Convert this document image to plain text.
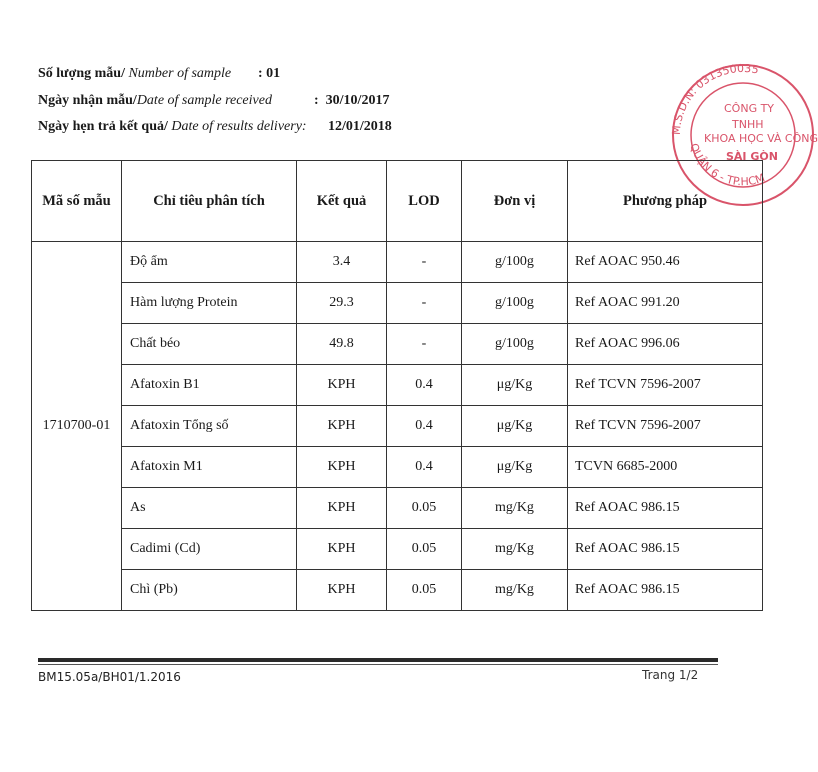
Số lượng mẫu/ Number of sample : 01
Ngày nhận mẫu/Date of sample received	: 30/10/2017
Ngày hẹn trả kết quả/ Date of results delivery: 12/01/2018	M.S.D.N: 031350035
QUẬN 6 - TP.HCM
CÔNG TY
TNHH
KHOA HỌC VÀ CÔNG
SÀI GÒN
Mã số mẫu	Chỉ tiêu phân tích	Kết quả	LOD	Đơn vị	Phương pháp
1710700-01	Độ ẩm	3.4	-	g/100g	Ref AOAC 950.46
	Hàm lượng Protein	29.3	-	g/100g	Ref AOAC 991.20
	Chất béo	49.8	-	g/100g	Ref AOAC 996.06
	Afatoxin B1	KPH	0.4	μg/Kg	Ref TCVN 7596-2007
	Afatoxin Tổng số	KPH	0.4	μg/Kg	Ref TCVN 7596-2007
	Afatoxin M1	KPH	0.4	μg/Kg	TCVN 6685-2000
	As	KPH	0.05	mg/Kg	Ref AOAC 986.15
	Cadimi (Cd)	KPH	0.05	mg/Kg	Ref AOAC 986.15
	Chì (Pb)	KPH	0.05	mg/Kg	Ref AOAC 986.15
BM15.05a/BH01/1.2016	Trang 1/2
